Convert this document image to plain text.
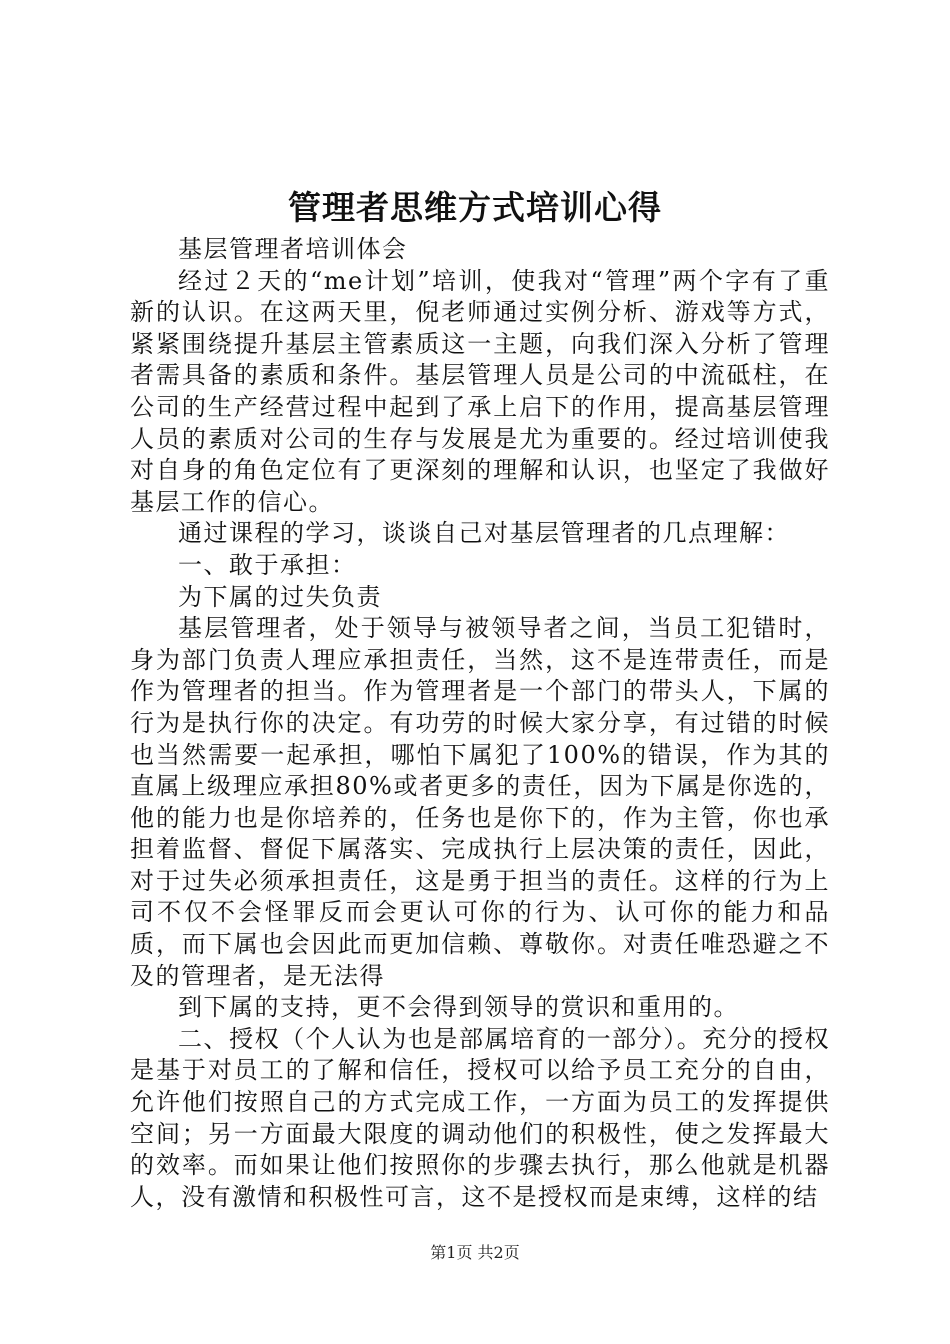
管理者思维方式培训心得

基层管理者培训体会

经过２天的“me计划”培训，使我对“管理”两个字有了重新的认识。在这两天里，倪老师通过实例分析、游戏等方式，紧紧围绕提升基层主管素质这一主题，向我们深入分析了管理者需具备的素质和条件。基层管理人员是公司的中流砥柱，在公司的生产经营过程中起到了承上启下的作用，提高基层管理人员的素质对公司的生存与发展是尤为重要的。经过培训使我对自身的角色定位有了更深刻的理解和认识，也坚定了我做好基层工作的信心。

通过课程的学习，谈谈自己对基层管理者的几点理解：

一、敢于承担：

为下属的过失负责

基层管理者，处于领导与被领导者之间，当员工犯错时，身为部门负责人理应承担责任，当然，这不是连带责任，而是作为管理者的担当。作为管理者是一个部门的带头人，下属的行为是执行你的决定。有功劳的时候大家分享，有过错的时候也当然需要一起承担，哪怕下属犯了100%的错误，作为其的直属上级理应承担80%或者更多的责任，因为下属是你选的，他的能力也是你培养的，任务也是你下的，作为主管，你也承担着监督、督促下属落实、完成执行上层决策的责任，因此，对于过失必须承担责任，这是勇于担当的责任。这样的行为上司不仅不会怪罪反而会更认可你的行为、认可你的能力和品质，而下属也会因此而更加信赖、尊敬你。对责任唯恐避之不及的管理者，是无法得

到下属的支持，更不会得到领导的赏识和重用的。

二、授权（个人认为也是部属培育的一部分）。充分的授权是基于对员工的了解和信任，授权可以给予员工充分的自由，允许他们按照自己的方式完成工作，一方面为员工的发挥提供空间；另一方面最大限度的调动他们的积极性，使之发挥最大的效率。而如果让他们按照你的步骤去执行，那么他就是机器人，没有激情和积极性可言，这不是授权而是束缚，这样的结

第1页 共2页
